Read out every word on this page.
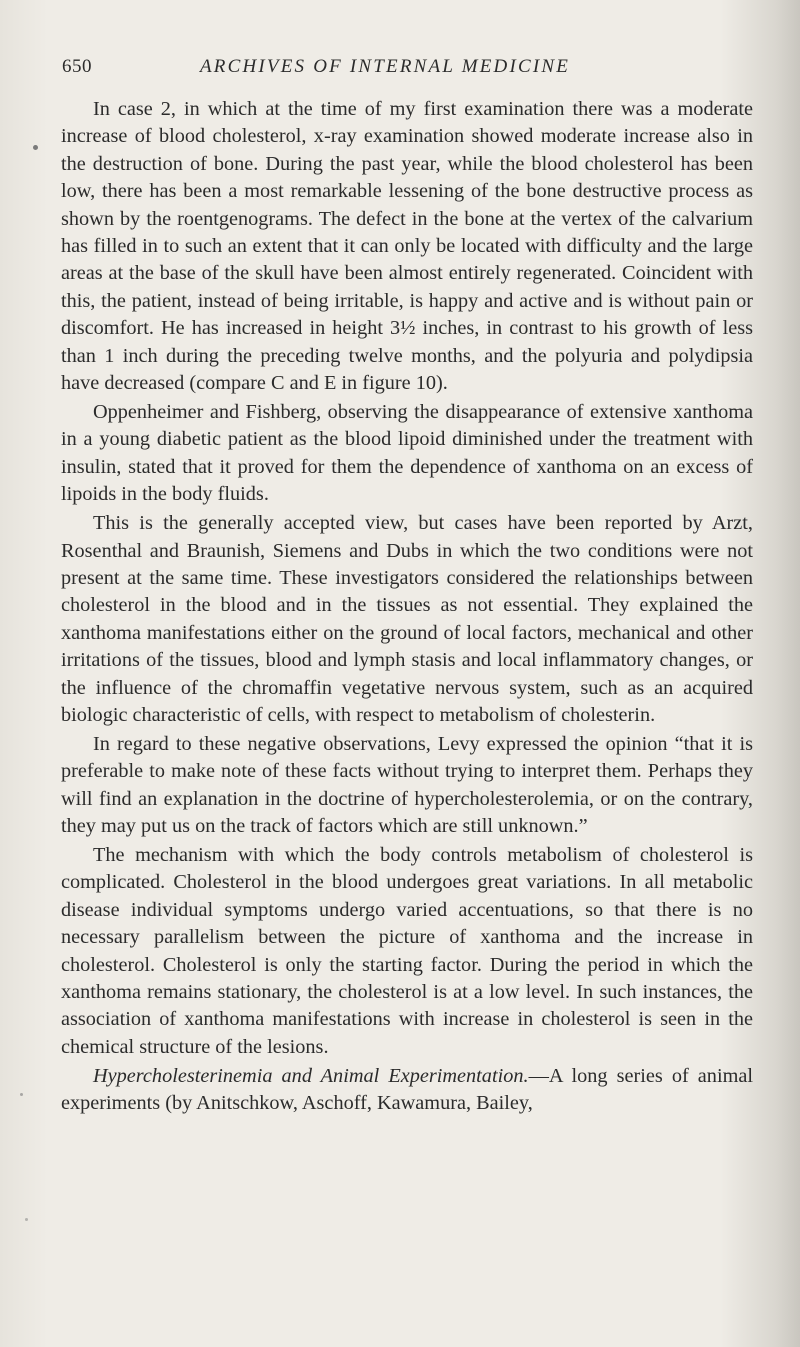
650	ARCHIVES OF INTERNAL MEDICINE

In case 2, in which at the time of my first examination there was a moderate increase of blood cholesterol, x-ray examination showed moderate increase also in the destruction of bone. During the past year, while the blood cholesterol has been low, there has been a most remarkable lessening of the bone destructive process as shown by the roentgenograms. The defect in the bone at the vertex of the calvarium has filled in to such an extent that it can only be located with difficulty and the large areas at the base of the skull have been almost entirely regenerated. Coincident with this, the patient, instead of being irritable, is happy and active and is without pain or discomfort. He has increased in height 3½ inches, in contrast to his growth of less than 1 inch during the preceding twelve months, and the polyuria and polydipsia have decreased (compare C and E in figure 10).

Oppenheimer and Fishberg, observing the disappearance of extensive xanthoma in a young diabetic patient as the blood lipoid diminished under the treatment with insulin, stated that it proved for them the dependence of xanthoma on an excess of lipoids in the body fluids.

This is the generally accepted view, but cases have been reported by Arzt, Rosenthal and Braunish, Siemens and Dubs in which the two conditions were not present at the same time. These investigators considered the relationships between cholesterol in the blood and in the tissues as not essential. They explained the xanthoma manifestations either on the ground of local factors, mechanical and other irritations of the tissues, blood and lymph stasis and local inflammatory changes, or the influence of the chromaffin vegetative nervous system, such as an acquired biologic characteristic of cells, with respect to metabolism of cholesterin.

In regard to these negative observations, Levy expressed the opinion “that it is preferable to make note of these facts without trying to interpret them. Perhaps they will find an explanation in the doctrine of hypercholesterolemia, or on the contrary, they may put us on the track of factors which are still unknown.”

The mechanism with which the body controls metabolism of cholesterol is complicated. Cholesterol in the blood undergoes great variations. In all metabolic disease individual symptoms undergo varied accentuations, so that there is no necessary parallelism between the picture of xanthoma and the increase in cholesterol. Cholesterol is only the starting factor. During the period in which the xanthoma remains stationary, the cholesterol is at a low level. In such instances, the association of xanthoma manifestations with increase in cholesterol is seen in the chemical structure of the lesions.

Hypercholesterinemia and Animal Experimentation.—A long series of animal experiments (by Anitschkow, Aschoff, Kawamura, Bailey,
